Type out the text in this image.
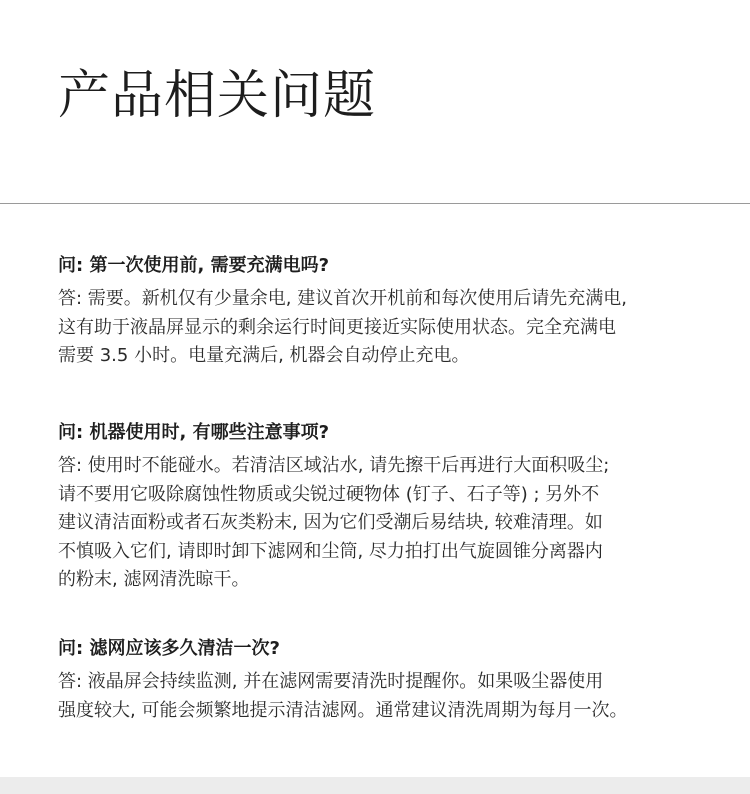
产品相关问题

问: 第一次使用前, 需要充满电吗?

答: 需要。新机仅有少量余电, 建议首次开机前和每次使用后请先充满电,
这有助于液晶屏显示的剩余运行时间更接近实际使用状态。完全充满电
需要 3.5 小时。电量充满后, 机器会自动停止充电。

问: 机器使用时, 有哪些注意事项?

答: 使用时不能碰水。若清洁区域沾水, 请先擦干后再进行大面积吸尘;
请不要用它吸除腐蚀性物质或尖锐过硬物体 (钉子、石子等) ; 另外不
建议清洁面粉或者石灰类粉末, 因为它们受潮后易结块, 较难清理。如
不慎吸入它们, 请即时卸下滤网和尘筒, 尽力拍打出气旋圆锥分离器内
的粉末, 滤网清洗晾干。

问: 滤网应该多久清洁一次?

答: 液晶屏会持续监测, 并在滤网需要清洗时提醒你。如果吸尘器使用
强度较大, 可能会频繁地提示清洁滤网。通常建议清洗周期为每月一次。
